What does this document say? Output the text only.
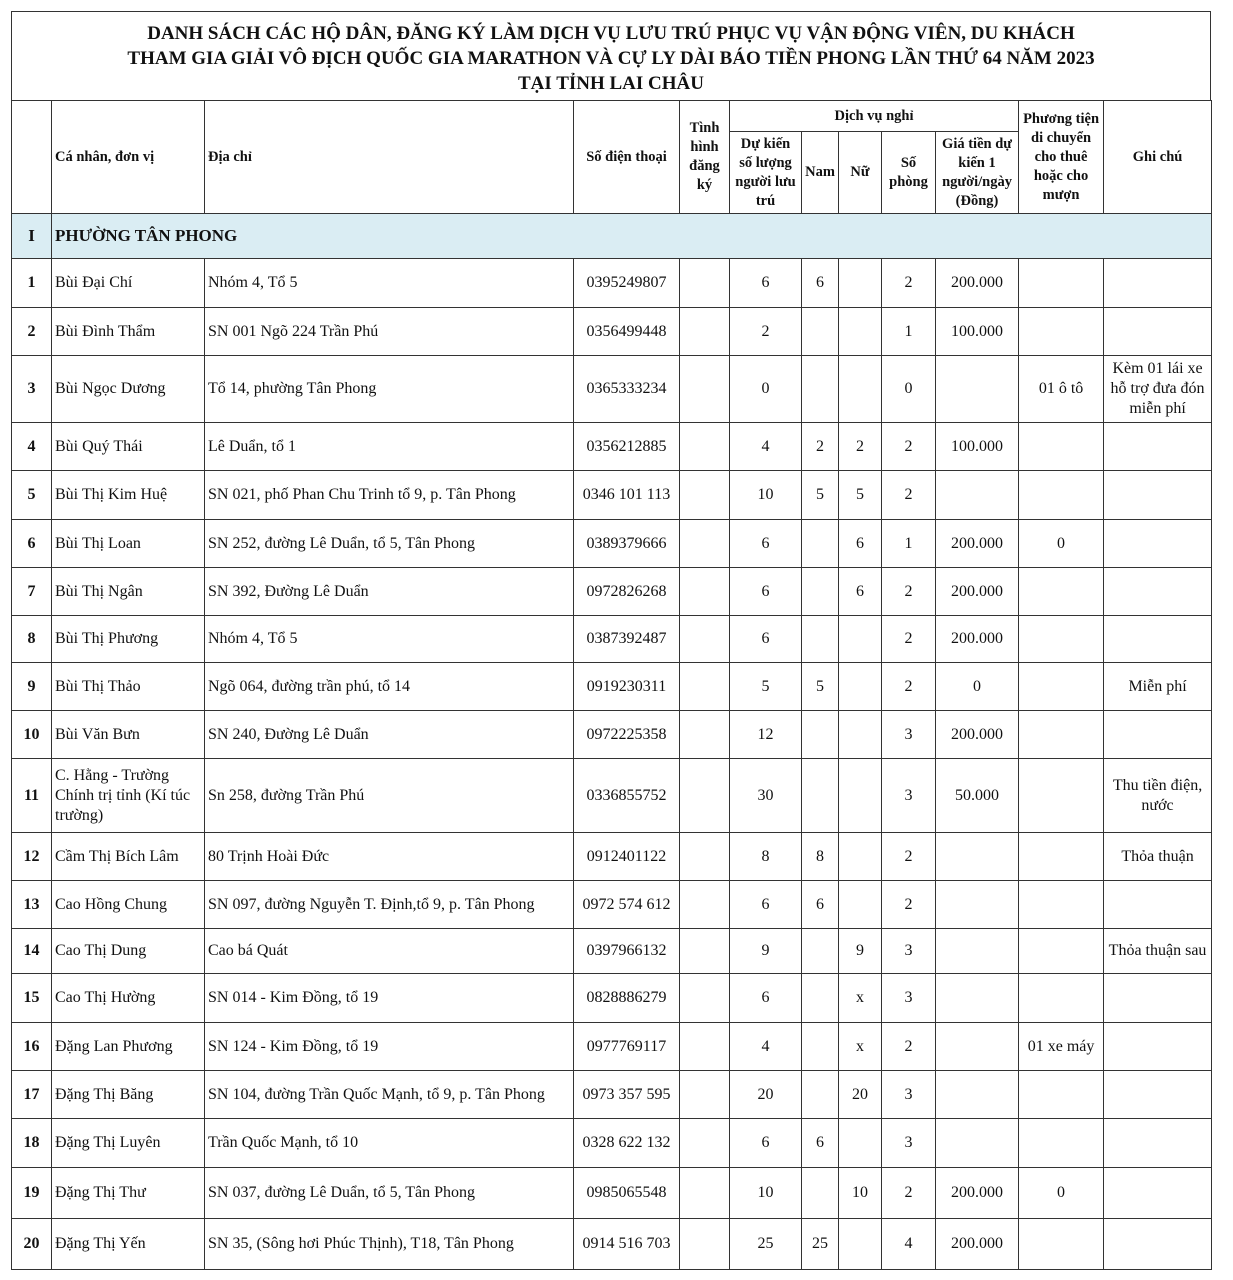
DANH SÁCH CÁC HỘ DÂN, ĐĂNG KÝ LÀM DỊCH VỤ LƯU TRÚ PHỤC VỤ VẬN ĐỘNG VIÊN, DU KHÁCH
THAM GIA GIẢI VÔ ĐỊCH QUỐC GIA MARATHON VÀ CỰ LY DÀI BÁO TIỀN PHONG LẦN THỨ 64 NĂM 2023
TẠI TỈNH LAI CHÂU
	Cá nhân, đơn vị	Địa chỉ	Số điện thoại	Tình hình đăng ký	Dịch vụ nghỉ					Phương tiện di chuyển cho thuê hoặc cho mượn	Ghi chú
					Dự kiến số lượng người lưu trú	Nam	Nữ	Số phòng	Giá tiền dự kiến 1 người/ngày (Đồng)		
I	PHƯỜNG TÂN PHONG										
1	Bùi Đại Chí	Nhóm 4, Tổ 5	0395249807		6	6		2	200.000		
2	Bùi Đình Thẩm	SN 001 Ngõ 224 Trần Phú	0356499448		2			1	100.000		
3	Bùi Ngọc Dương	Tổ 14, phường Tân Phong	0365333234		0			0		01 ô tô	Kèm 01 lái xe hỗ trợ đưa đón miễn phí
4	Bùi Quý Thái	Lê Duẩn, tổ 1	0356212885		4	2	2	2	100.000		
5	Bùi Thị Kim Huệ	SN 021, phố Phan Chu Trinh tổ 9, p. Tân Phong	0346 101 113		10	5	5	2			
6	Bùi Thị Loan	SN 252, đường Lê Duẩn, tổ 5, Tân Phong	0389379666		6		6	1	200.000	0	
7	Bùi Thị Ngân	SN 392, Đường Lê Duẩn	0972826268		6		6	2	200.000		
8	Bùi Thị Phương	Nhóm 4, Tổ 5	0387392487		6			2	200.000		
9	Bùi Thị Thảo	Ngõ 064, đường trần phú, tổ 14	0919230311		5	5		2	0		Miễn phí
10	Bùi Văn Bưn	SN 240, Đường Lê Duẩn	0972225358		12			3	200.000		
11	C. Hằng - Trường Chính trị tỉnh (Kí túc trường)	Sn 258, đường Trần Phú	0336855752		30			3	50.000		Thu tiền điện, nước
12	Cầm Thị Bích Lâm	80 Trịnh Hoài Đức	0912401122		8	8		2			Thỏa thuận
13	Cao Hồng Chung	SN 097, đường Nguyễn T. Định,tổ 9, p. Tân Phong	0972 574 612		6	6		2			
14	Cao Thị Dung	Cao bá Quát	0397966132		9		9	3			Thỏa thuận sau
15	Cao Thị Hường	SN 014 - Kim Đồng, tổ 19	0828886279		6		x	3			
16	Đặng Lan Phương	SN 124 - Kim Đồng, tổ 19	0977769117		4		x	2		01 xe máy	
17	Đặng Thị Băng	SN 104, đường Trần Quốc Mạnh, tổ 9, p. Tân Phong	0973 357 595		20		20	3			
18	Đặng Thị Luyên	Trần Quốc Mạnh, tổ 10	0328 622 132		6	6		3			
19	Đặng Thị Thư	SN 037, đường Lê Duẩn, tổ 5, Tân Phong	0985065548		10		10	2	200.000	0	
20	Đặng Thị Yến	SN 35, (Sông hơi Phúc Thịnh), T18, Tân Phong	0914 516 703		25	25		4	200.000		
